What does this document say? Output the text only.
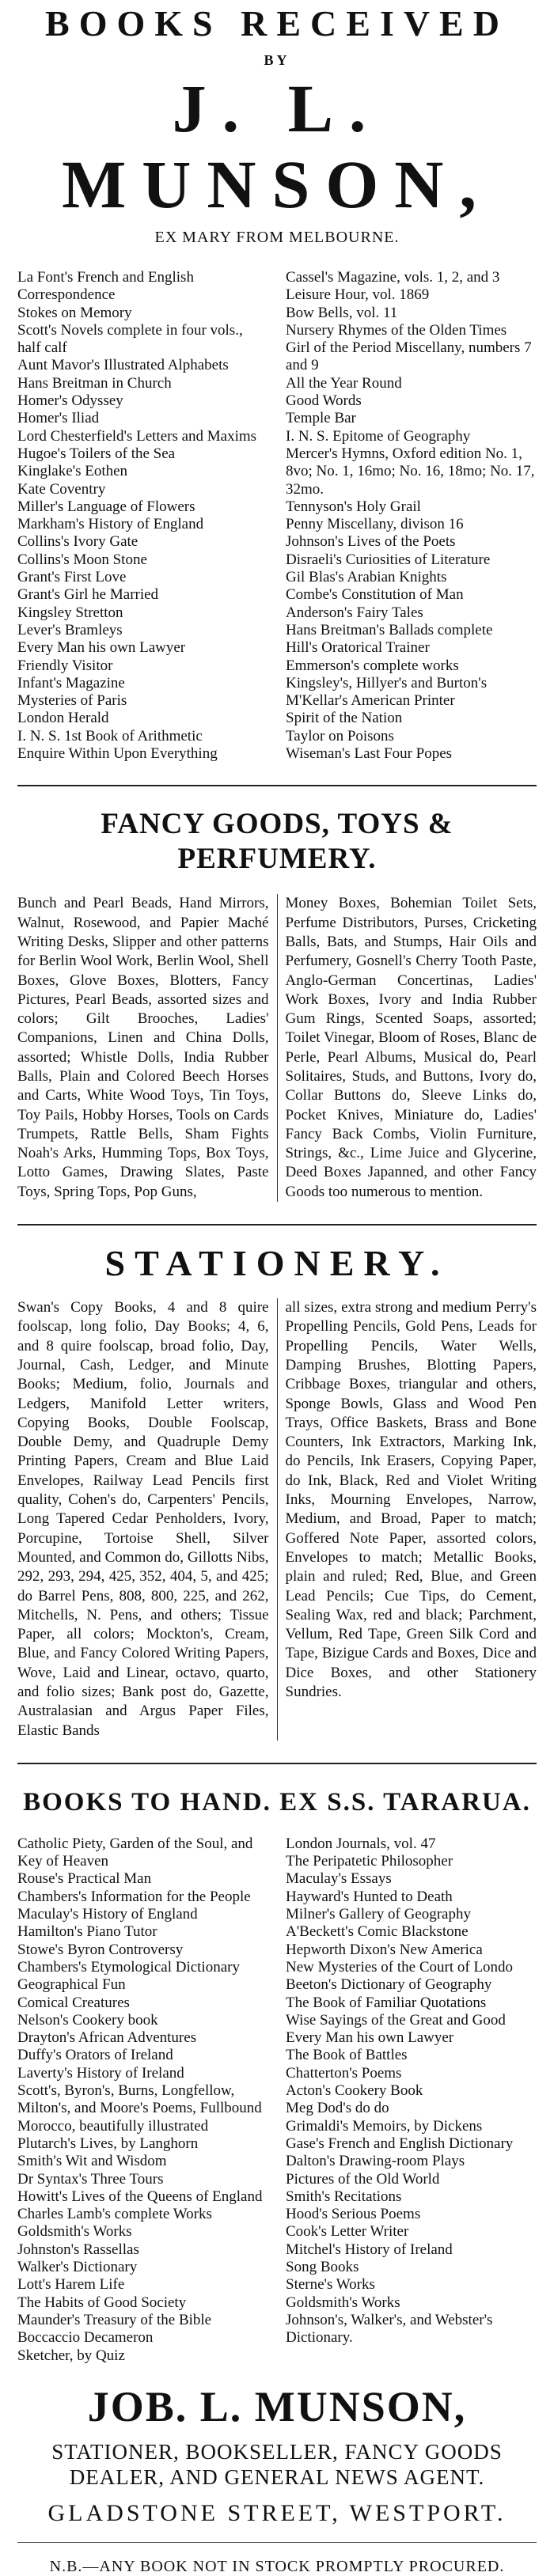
BOOKS RECEIVED
BY
J. L. MUNSON,
EX MARY FROM MELBOURNE.
La Font's French and English Correspondence
Stokes on Memory
Scott's Novels complete in four vols., half calf
Aunt Mavor's Illustrated Alphabets
Hans Breitman in Church
Homer's Odyssey
Homer's Iliad
Lord Chesterfield's Letters and Maxims
Hugoe's Toilers of the Sea
Kinglake's Eothen
Kate Coventry
Miller's Language of Flowers
Markham's History of England
Collins's Ivory Gate
Collins's Moon Stone
Grant's First Love
Grant's Girl he Married
Kingsley Stretton
Lever's Bramleys
Every Man his own Lawyer
Friendly Visitor
Infant's Magazine
Mysteries of Paris
London Herald
I. N. S. 1st Book of Arithmetic
Enquire Within Upon Everything
Cassel's Magazine, vols. 1, 2, and 3
Leisure Hour, vol. 1869
Bow Bells, vol. 11
Nursery Rhymes of the Olden Times
Girl of the Period Miscellany, numbers 7 and 9
All the Year Round
Good Words
Temple Bar
I. N. S. Epitome of Geography
Mercer's Hymns, Oxford edition No. 1, 8vo; No. 1, 16mo; No. 16, 18mo; No. 17, 32mo.
Tennyson's Holy Grail
Penny Miscellany, divison 16
Johnson's Lives of the Poets
Disraeli's Curiosities of Literature
Gil Blas's Arabian Knights
Combe's Constitution of Man
Anderson's Fairy Tales
Hans Breitman's Ballads complete
Hill's Oratorical Trainer
Emmerson's complete works
Kingsley's, Hillyer's and Burton's
M'Kellar's American Printer
Spirit of the Nation
Taylor on Poisons
Wiseman's Last Four Popes
FANCY GOODS, TOYS & PERFUMERY.
Bunch and Pearl Beads, Hand Mirrors, Walnut, Rosewood, and Papier Maché Writing Desks, Slipper and other patterns for Berlin Wool Work, Berlin Wool, Shell Boxes, Glove Boxes, Blotters, Fancy Pictures, Pearl Beads, assorted sizes and colors; Gilt Brooches, Ladies' Companions, Linen and China Dolls, assorted; Whistle Dolls, India Rubber Balls, Plain and Colored Beech Horses and Carts, White Wood Toys, Tin Toys, Toy Pails, Hobby Horses, Tools on Cards Trumpets, Rattle Bells, Sham Fights Noah's Arks, Humming Tops, Box Toys, Lotto Games, Drawing Slates, Paste Toys, Spring Tops, Pop Guns,
Money Boxes, Bohemian Toilet Sets, Perfume Distributors, Purses, Cricketing Balls, Bats, and Stumps, Hair Oils and Perfumery, Gosnell's Cherry Tooth Paste, Anglo-German Concertinas, Ladies' Work Boxes, Ivory and India Rubber Gum Rings, Scented Soaps, assorted; Toilet Vinegar, Bloom of Roses, Blanc de Perle, Pearl Albums, Musical do, Pearl Solitaires, Studs, and Buttons, Ivory do, Collar Buttons do, Sleeve Links do, Pocket Knives, Miniature do, Ladies' Fancy Back Combs, Violin Furniture, Strings, &c., Lime Juice and Glycerine, Deed Boxes Japanned, and other Fancy Goods too numerous to mention.
STATIONERY.
Swan's Copy Books, 4 and 8 quire foolscap, long folio, Day Books; 4, 6, and 8 quire foolscap, broad folio, Day, Journal, Cash, Ledger, and Minute Books; Medium, folio, Journals and Ledgers, Manifold Letter writers, Copying Books, Double Foolscap, Double Demy, and Quadruple Demy Printing Papers, Cream and Blue Laid Envelopes, Railway Lead Pencils first quality, Cohen's do, Carpenters' Pencils, Long Tapered Cedar Penholders, Ivory, Porcupine, Tortoise Shell, Silver Mounted, and Common do, Gillotts Nibs, 292, 293, 294, 425, 352, 404, 5, and 425; do Barrel Pens, 808, 800, 225, and 262, Mitchells, N. Pens, and others; Tissue Paper, all colors; Mockton's, Cream, Blue, and Fancy Colored Writing Papers, Wove, Laid and Linear, octavo, quarto, and folio sizes; Bank post do, Gazette, Australasian and Argus Paper Files, Elastic Bands
all sizes, extra strong and medium Perry's Propelling Pencils, Gold Pens, Leads for Propelling Pencils, Water Wells, Damping Brushes, Blotting Papers, Cribbage Boxes, triangular and others, Sponge Bowls, Glass and Wood Pen Trays, Office Baskets, Brass and Bone Counters, Ink Extractors, Marking Ink, do Pencils, Ink Erasers, Copying Paper, do Ink, Black, Red and Violet Writing Inks, Mourning Envelopes, Narrow, Medium, and Broad, Paper to match; Goffered Note Paper, assorted colors, Envelopes to match; Metallic Books, plain and ruled; Red, Blue, and Green Lead Pencils; Cue Tips, do Cement, Sealing Wax, red and black; Parchment, Vellum, Red Tape, Green Silk Cord and Tape, Bizigue Cards and Boxes, Dice and Dice Boxes, and other Stationery Sundries.
BOOKS TO HAND. EX S.S. TARARUA.
Catholic Piety, Garden of the Soul, and Key of Heaven
Rouse's Practical Man
Chambers's Information for the People
Maculay's History of England
Hamilton's Piano Tutor
Stowe's Byron Controversy
Chambers's Etymological Dictionary
Geographical Fun
Comical Creatures
Nelson's Cookery book
Drayton's African Adventures
Duffy's Orators of Ireland
Laverty's History of Ireland
Scott's, Byron's, Burns, Longfellow, Milton's, and Moore's Poems, Fullbound Morocco, beautifully illustrated
Plutarch's Lives, by Langhorn
Smith's Wit and Wisdom
Dr Syntax's Three Tours
Howitt's Lives of the Queens of England
Charles Lamb's complete Works
Goldsmith's Works
Johnston's Rassellas
Walker's Dictionary
Lott's Harem Life
The Habits of Good Society
Maunder's Treasury of the Bible
Boccaccio Decameron
Sketcher, by Quiz
London Journals, vol. 47
The Peripatetic Philosopher
Maculay's Essays
Hayward's Hunted to Death
Milner's Gallery of Geography
A'Beckett's Comic Blackstone
Hepworth Dixon's New America
New Mysteries of the Court of Londo
Beeton's Dictionary of Geography
The Book of Familiar Quotations
Wise Sayings of the Great and Good
Every Man his own Lawyer
The Book of Battles
Chatterton's Poems
Acton's Cookery Book
Meg Dod's do do
Grimaldi's Memoirs, by Dickens
Gase's French and English Dictionary
Dalton's Drawing-room Plays
Pictures of the Old World
Smith's Recitations
Hood's Serious Poems
Cook's Letter Writer
Mitchel's History of Ireland
Song Books
Sterne's Works
Goldsmith's Works
Johnson's, Walker's, and Webster's Dictionary.
JOB. L. MUNSON,
STATIONER, BOOKSELLER, FANCY GOODS DEALER, AND GENERAL NEWS AGENT.
GLADSTONE STREET, WESTPORT.
N.B.—ANY BOOK NOT IN STOCK PROMPTLY PROCURED.
